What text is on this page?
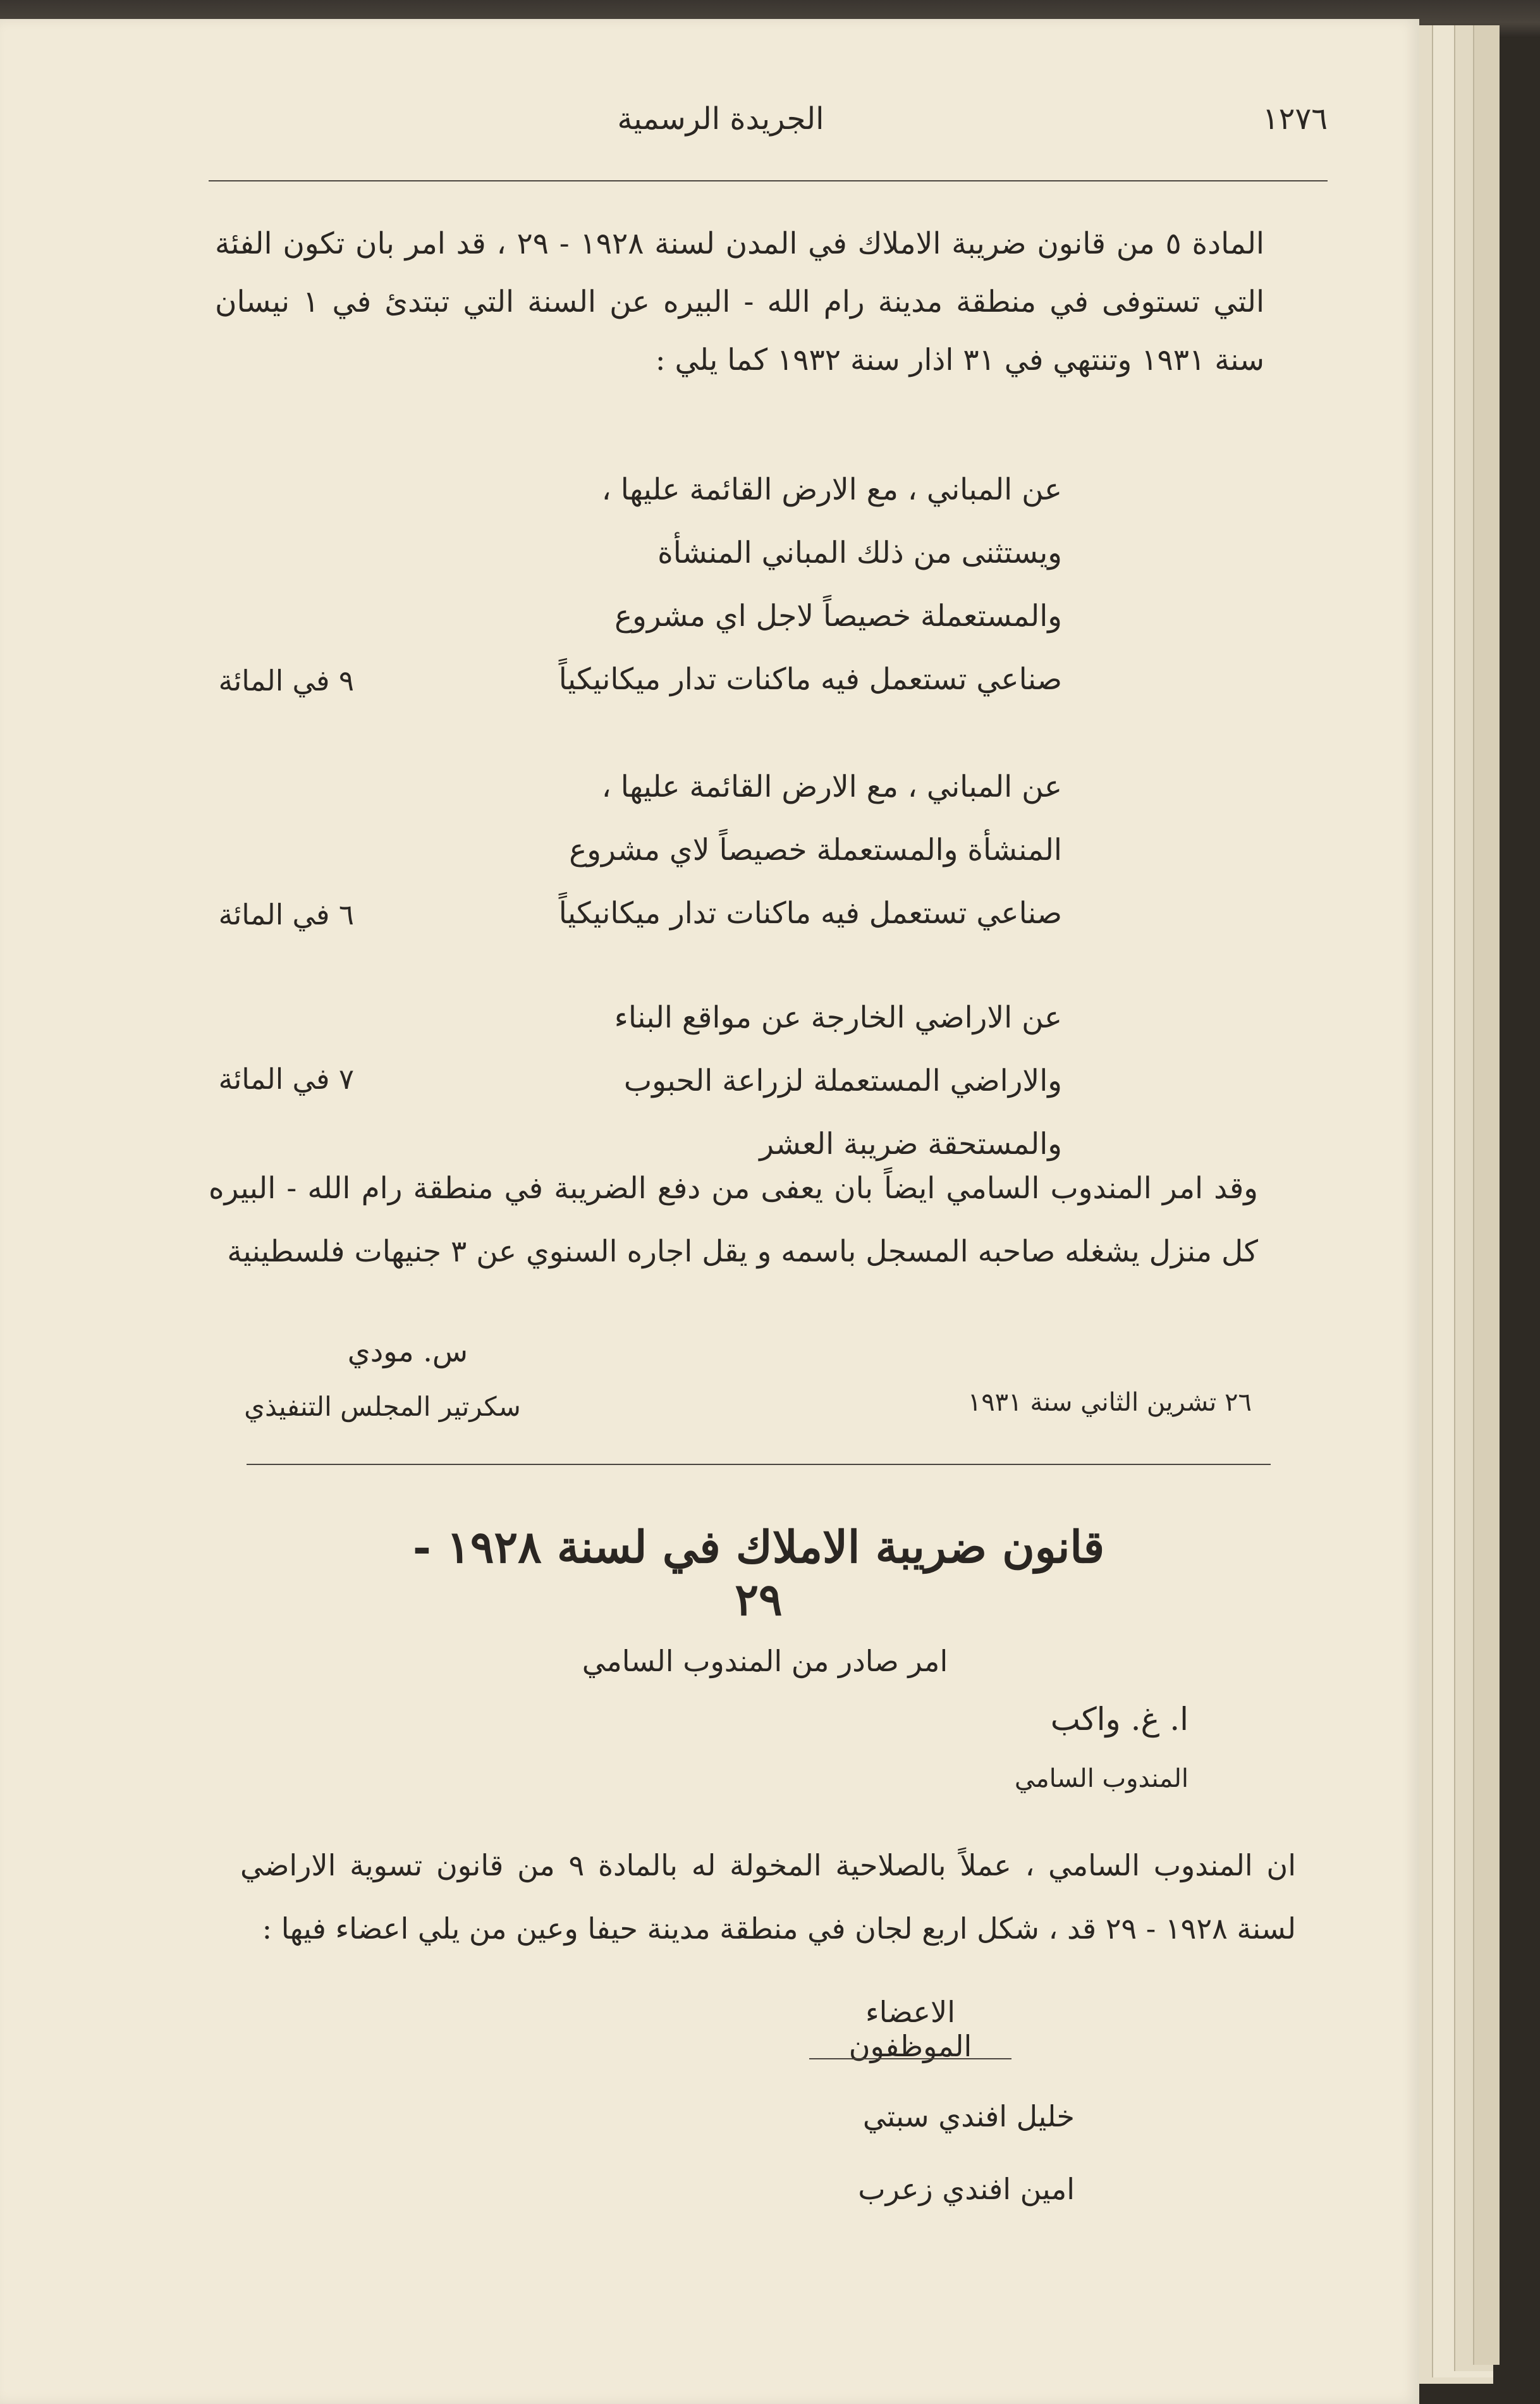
الجريدة الرسمية	١٢٧٦
المادة ٥ من قانون ضريبة الاملاك في المدن لسنة ١٩٢٨ - ٢٩ ، قد امر بان تكون الفئة التي تستوفى في منطقة مدينة رام الله - البيره عن السنة التي تبتدئ في ١ نيسان سنة ١٩٣١ وتنتهي في ٣١ اذار سنة ١٩٣٢ كما يلي :
عن المباني ، مع الارض القائمة عليها ، ويستثنى من ذلك المباني المنشأة والمستعملة خصيصاً لاجل اي مشروع صناعي تستعمل فيه ماكنات تدار ميكانيكياً
٩ في المائة
عن المباني ، مع الارض القائمة عليها ، المنشأة والمستعملة خصيصاً لاي مشروع صناعي تستعمل فيه ماكنات تدار ميكانيكياً
٦ في المائة
عن الاراضي الخارجة عن مواقع البناء والاراضي المستعملة لزراعة الحبوب والمستحقة ضريبة العشر
٧ في المائة
وقد امر المندوب السامي ايضاً بان يعفى من دفع الضريبة في منطقة رام الله - البيره كل منزل يشغله صاحبه المسجل باسمه و يقل اجاره السنوي عن ٣ جنيهات فلسطينية
س. مودي
سكرتير المجلس التنفيذي	٢٦ تشرين الثاني سنة ١٩٣١
قانون ضريبة الاملاك في لسنة ١٩٢٨ - ٢٩
امر صادر من المندوب السامي
ا. غ. واكب
المندوب السامي
ان المندوب السامي ، عملاً بالصلاحية المخولة له بالمادة ٩ من قانون تسوية الاراضي لسنة ١٩٢٨ - ٢٩ قد ، شكل اربع لجان في منطقة مدينة حيفا وعين من يلي اعضاء فيها :
الاعضاء الموظفون
خليل افندي سبتي
امين افندي زعرب
